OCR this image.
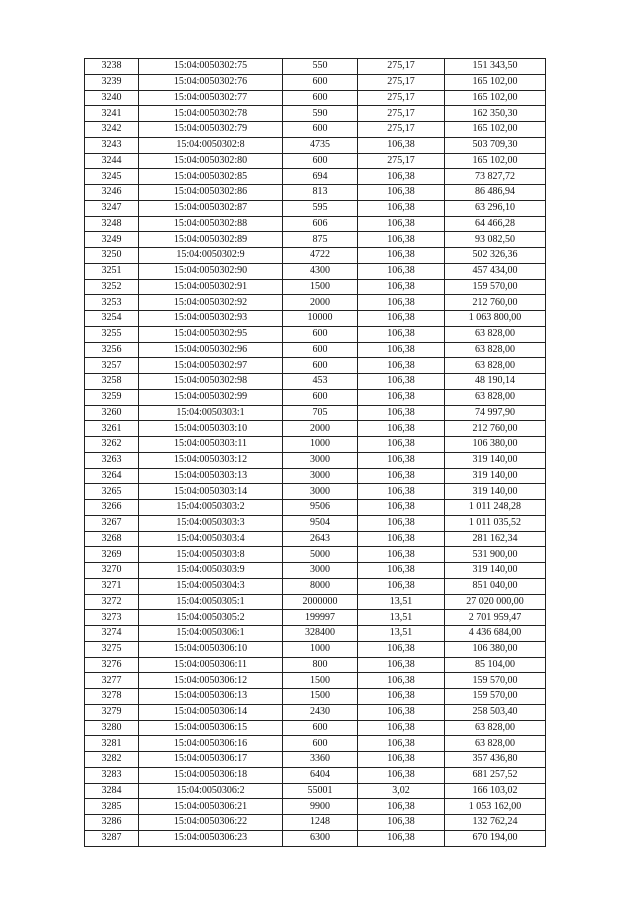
3238	15:04:0050302:75	550	275,17	151 343,50
3239	15:04:0050302:76	600	275,17	165 102,00
3240	15:04:0050302:77	600	275,17	165 102,00
3241	15:04:0050302:78	590	275,17	162 350,30
3242	15:04:0050302:79	600	275,17	165 102,00
3243	15:04:0050302:8	4735	106,38	503 709,30
3244	15:04:0050302:80	600	275,17	165 102,00
3245	15:04:0050302:85	694	106,38	73 827,72
3246	15:04:0050302:86	813	106,38	86 486,94
3247	15:04:0050302:87	595	106,38	63 296,10
3248	15:04:0050302:88	606	106,38	64 466,28
3249	15:04:0050302:89	875	106,38	93 082,50
3250	15:04:0050302:9	4722	106,38	502 326,36
3251	15:04:0050302:90	4300	106,38	457 434,00
3252	15:04:0050302:91	1500	106,38	159 570,00
3253	15:04:0050302:92	2000	106,38	212 760,00
3254	15:04:0050302:93	10000	106,38	1 063 800,00
3255	15:04:0050302:95	600	106,38	63 828,00
3256	15:04:0050302:96	600	106,38	63 828,00
3257	15:04:0050302:97	600	106,38	63 828,00
3258	15:04:0050302:98	453	106,38	48 190,14
3259	15:04:0050302:99	600	106,38	63 828,00
3260	15:04:0050303:1	705	106,38	74 997,90
3261	15:04:0050303:10	2000	106,38	212 760,00
3262	15:04:0050303:11	1000	106,38	106 380,00
3263	15:04:0050303:12	3000	106,38	319 140,00
3264	15:04:0050303:13	3000	106,38	319 140,00
3265	15:04:0050303:14	3000	106,38	319 140,00
3266	15:04:0050303:2	9506	106,38	1 011 248,28
3267	15:04:0050303:3	9504	106,38	1 011 035,52
3268	15:04:0050303:4	2643	106,38	281 162,34
3269	15:04:0050303:8	5000	106,38	531 900,00
3270	15:04:0050303:9	3000	106,38	319 140,00
3271	15:04:0050304:3	8000	106,38	851 040,00
3272	15:04:0050305:1	2000000	13,51	27 020 000,00
3273	15:04:0050305:2	199997	13,51	2 701 959,47
3274	15:04:0050306:1	328400	13,51	4 436 684,00
3275	15:04:0050306:10	1000	106,38	106 380,00
3276	15:04:0050306:11	800	106,38	85 104,00
3277	15:04:0050306:12	1500	106,38	159 570,00
3278	15:04:0050306:13	1500	106,38	159 570,00
3279	15:04:0050306:14	2430	106,38	258 503,40
3280	15:04:0050306:15	600	106,38	63 828,00
3281	15:04:0050306:16	600	106,38	63 828,00
3282	15:04:0050306:17	3360	106,38	357 436,80
3283	15:04:0050306:18	6404	106,38	681 257,52
3284	15:04:0050306:2	55001	3,02	166 103,02
3285	15:04:0050306:21	9900	106,38	1 053 162,00
3286	15:04:0050306:22	1248	106,38	132 762,24
3287	15:04:0050306:23	6300	106,38	670 194,00
